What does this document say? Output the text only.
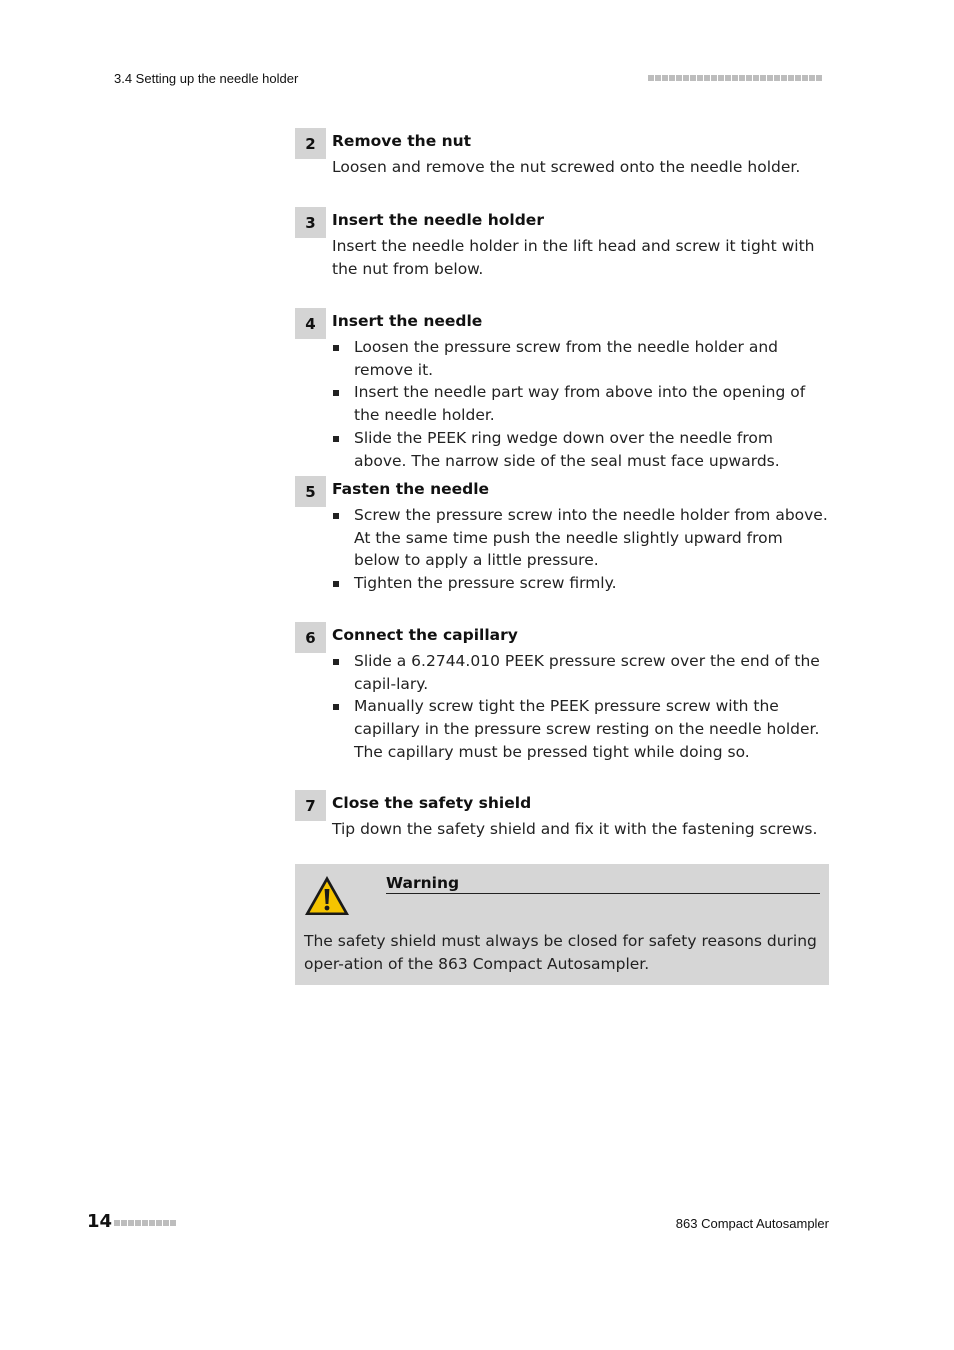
3.4 Setting up the needle holder
2	Remove the nut

Loosen and remove the nut screwed onto the needle holder.

3	Insert the needle holder

Insert the needle holder in the lift head and screw it tight with the nut from below.

4	Insert the needle
Loosen the pressure screw from the needle holder and remove it.
Insert the needle part way from above into the opening of the needle holder.
Slide the PEEK ring wedge down over the needle from above. The narrow side of the seal must face upwards.
5	Fasten the needle
Screw the pressure screw into the needle holder from above. At the same time push the needle slightly upward from below to apply a little pressure.
Tighten the pressure screw firmly.
6	Connect the capillary
Slide a 6.2744.010 PEEK pressure screw over the end of the capil-lary.
Manually screw tight the PEEK pressure screw with the capillary in the pressure screw resting on the needle holder. The capillary must be pressed tight while doing so.
7	Close the safety shield

Tip down the safety shield and fix it with the fastening screws.

Warning
The safety shield must always be closed for safety reasons during oper-ation of the 863 Compact Autosampler.
14	863 Compact Autosampler
